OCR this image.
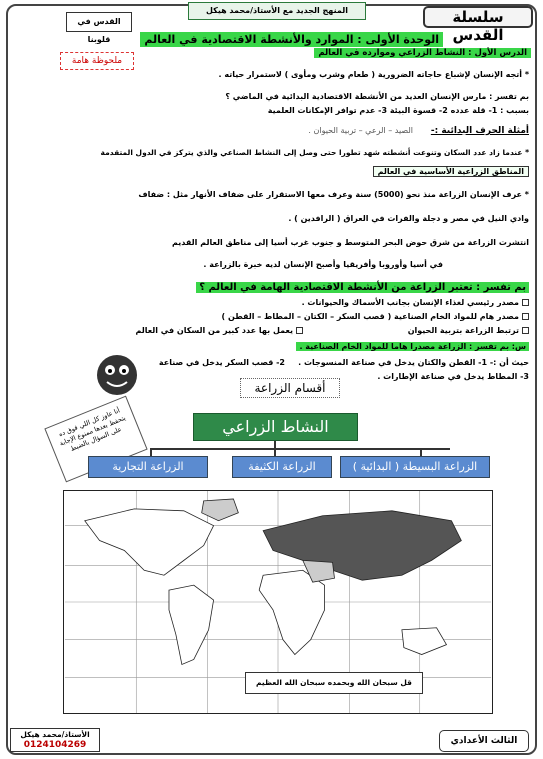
سلسلة القدس
المنهج الجديد مع الأستاذ/محمد هيكل
القدس في قلوبنا
ملحوظة هامة
الوحدة الأولى : الموارد والأنشطة الاقتصادية في العالم
الدرس الأول : النشاط الزراعي وموارده في العالم
* أتجه الإنسان لإشباع حاجاته الضرورية ( طعام وشرب ومأوى ) لاستمرار حياته .
بم تفسر : مارس الإنسان العديد من الأنشطة الاقتصادية البدائية في الماضي ؟
بسبب : 1- قلة عدده 2- قسوة البيئة 3- عدم توافر الإمكانات العلمية
أمثلة الحرف البدائية :-
الصيد – الرعي – تربية الحيوان .
* عندما زاد عدد السكان وتنوعت أنشطته شهد تطورا حتى وصل إلى النشاط الصناعي والذي يتركز في الدول المتقدمة
المناطق الزراعية الأساسية في العالم
* عرف الإنسان الزراعة منذ نحو (5000) سنة وعرف معها الاستقرار على ضفاف الأنهار مثل : ضفاف
وادي النيل في مصر و دجلة والفرات في العراق ( الرافدين ) .
انتشرت الزراعة من شرق حوض البحر المتوسط و جنوب غرب أسيا إلى مناطق العالم القديم
في أسيا وأوروبا وأفريقيا وأصبح الإنسان لديه خبرة بالزراعة .
بم تفسر : تعتبر الزراعة من الأنشطة الاقتصادية الهامة في العالم ؟
مصدر رئيسي لغذاء الإنسان بجانب الأسماك والحيوانات .
مصدر هام للمواد الخام الصناعية ( قصب السكر – الكتان – المطاط – القطن )
ترتبط الزراعة بتربية الحيوان
يعمل بها عدد كبير من السكان في العالم
س: بم تفسر : الزراعة مصدرا هاما للمواد الخام الصناعية .
حيث أن :- 1- القطن والكتان يدخل في صناعة المنسوجات .
2- قصب السكر يدخل في صناعة
3- المطاط يدخل في صناعة الإطارات .
أنا عاوز كل اللي فوق ده يتحفظ بعدها ممنوع الإجابة على السؤال بالضبط
أقسام الزراعة
النشاط الزراعي
الزراعة البسيطة ( البدائية )
الزراعة الكثيفة
الزراعة التجارية
قل سبحان الله وبحمده سبحان الله العظيم
الأستاذ/محمد هيكل
0124104269	الثالث الأعدادي
